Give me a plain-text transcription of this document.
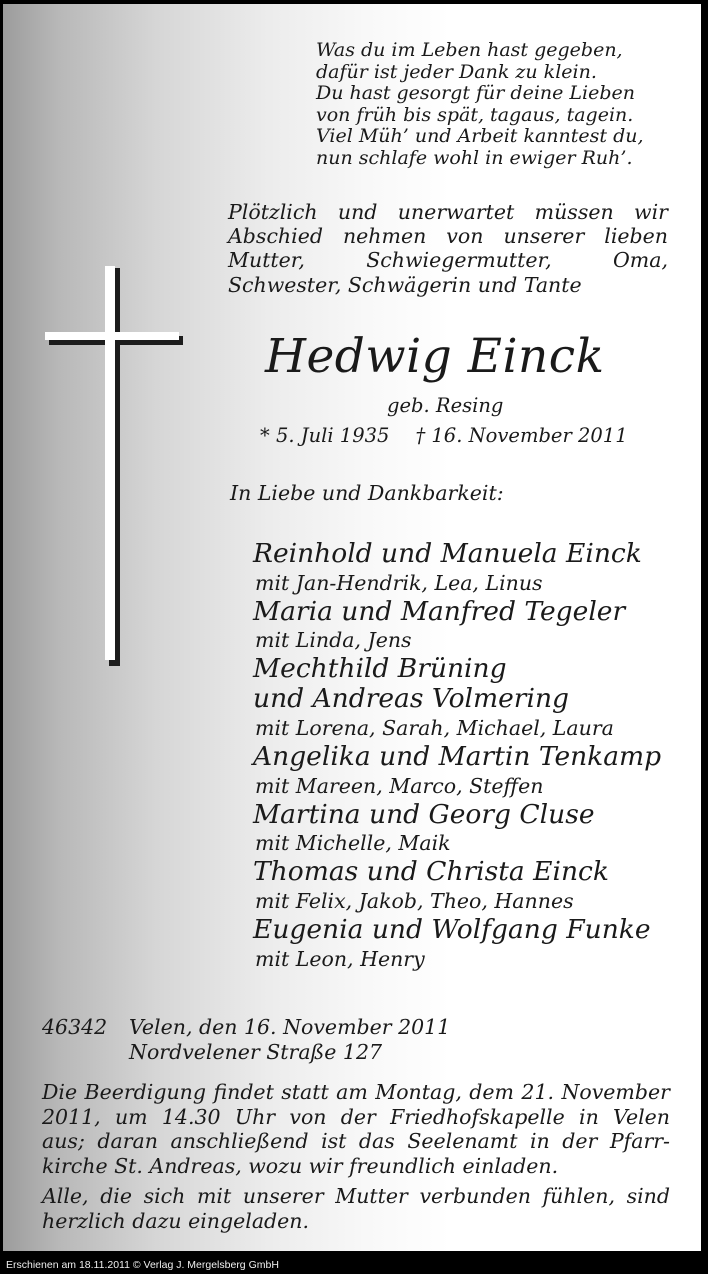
Was du im Leben hast gegeben,
dafür ist jeder Dank zu klein.
Du hast gesorgt für deine Lieben
von früh bis spät, tagaus, tagein.
Viel Müh’ und Arbeit kanntest du,
nun schlafe wohl in ewiger Ruh’.
Plötzlich und unerwartet müssen wir
Abschied nehmen von unserer lieben
Mutter,	Schwiegermutter,	Oma,
Schwester, Schwägerin und Tante
Hedwig Einck
geb. Resing
* 5. Juli 1935 † 16. November 2011
In Liebe und Dankbarkeit:
Reinhold und Manuela Einck
mit Jan-Hendrik, Lea, Linus
Maria und Manfred Tegeler
mit Linda, Jens
Mechthild Brüning
und Andreas Volmering
mit Lorena, Sarah, Michael, Laura
Angelika und Martin Tenkamp
mit Mareen, Marco, Steffen
Martina und Georg Cluse
mit Michelle, Maik
Thomas und Christa Einck
mit Felix, Jakob, Theo, Hannes
Eugenia und Wolfgang Funke
mit Leon, Henry
46342 Velen, den 16. November 2011
Nordvelener Straße 127
Die Beerdigung findet statt am Montag, dem 21. November
2011, um 14.30 Uhr von der Friedhofskapelle in Velen
aus; daran anschließend ist das Seelenamt in der Pfarr-
kirche St. Andreas, wozu wir freundlich einladen.
Alle, die sich mit unserer Mutter verbunden fühlen, sind
herzlich dazu eingeladen.
Erschienen am 18.11.2011 © Verlag J. Mergelsberg GmbH
